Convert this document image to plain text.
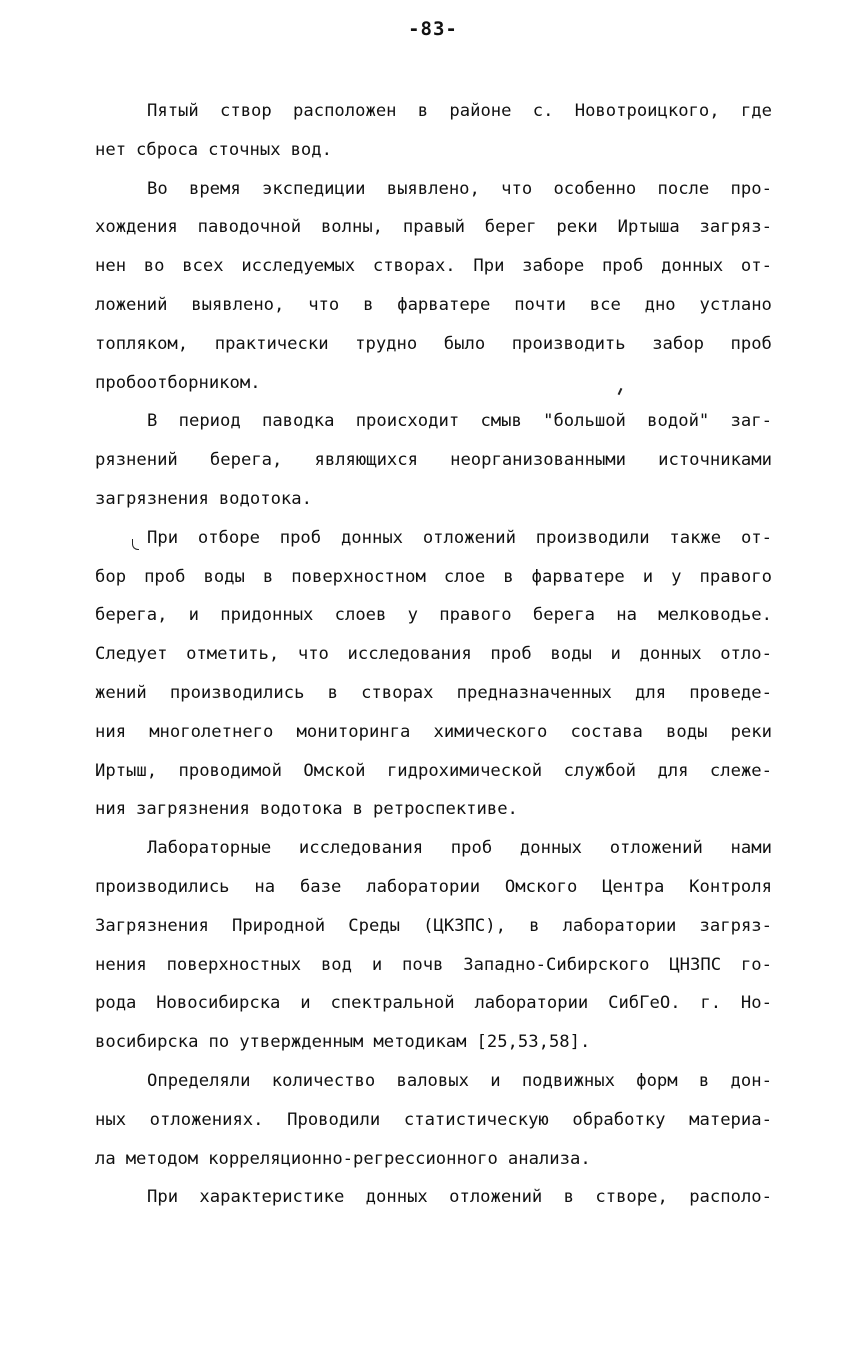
-83-
Пятый створ расположен в районе с. Новотроицкого, где
нет сброса сточных вод.
Во время экспедиции выявлено, что особенно после про-
хождения паводочной волны, правый берег реки Иртыша загряз-
нен во всех исследуемых створах. При заборе проб донных от-
ложений выявлено, что в фарватере почти все дно устлано
топляком, практически трудно было производить забор проб
пробоотборником.
В период паводка происходит смыв "большой водой" заг-
рязнений берега, являющихся неорганизованными источниками
загрязнения водотока.
При отборе проб донных отложений производили также от-
бор проб воды в поверхностном слое в фарватере и у правого
берега, и придонных слоев у правого берега на мелководье.
Следует отметить, что исследования проб воды и донных отло-
жений производились в створах предназначенных для проведе-
ния многолетнего мониторинга химического состава воды реки
Иртыш, проводимой Омской гидрохимической службой для слеже-
ния загрязнения водотока в ретроспективе.
Лабораторные исследования проб донных отложений нами
производились на базе лаборатории Омского Центра Контроля
Загрязнения Природной Среды (ЦКЗПС), в лаборатории загряз-
нения поверхностных вод и почв Западно-Сибирского ЦНЗПС го-
рода Новосибирска и спектральной лаборатории СибГеО. г. Но-
восибирска по утвержденным методикам [25,53,58].
Определяли количество валовых и подвижных форм в дон-
ных отложениях. Проводили статистическую обработку материа-
ла методом корреляционно-регрессионного анализа.
При характеристике донных отложений в створе, располо-
